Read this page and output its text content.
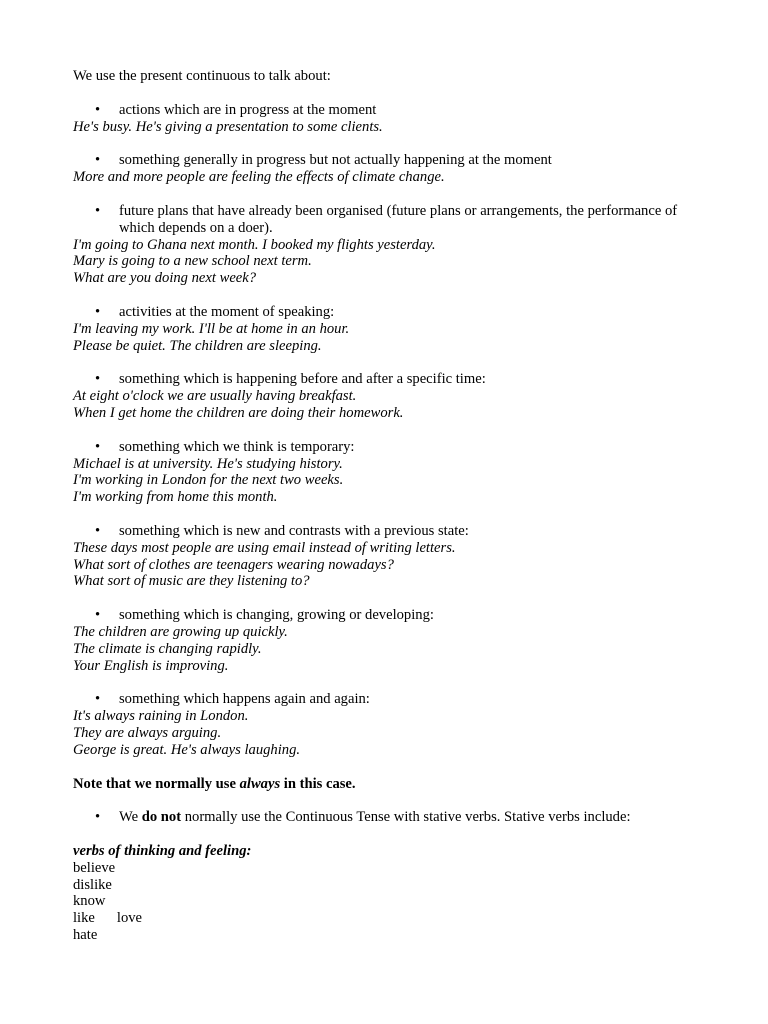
We use the present continuous to talk about:

• actions which are in progress at the moment

He's busy. He's giving a presentation to some clients.

• something generally in progress but not actually happening at the moment

More and more people are feeling the effects of climate change.

• future plans that have already been organised (future plans or arrangements, the performance of which depends on a doer).

I'm going to Ghana next month. I booked my flights yesterday.

Mary is going to a new school next term.

What are you doing next week?

• activities at the moment of speaking:

I'm leaving my work. I'll be at home in an hour.

Please be quiet. The children are sleeping.

• something which is happening before and after a specific time:

At eight o'clock we are usually having breakfast.

When I get home the children are doing their homework.

• something which we think is temporary:

Michael is at university. He's studying history.

I'm working in London for the next two weeks.

I'm working from home this month.

• something which is new and contrasts with a previous state:

These days most people are using email instead of writing letters.

What sort of clothes are teenagers wearing nowadays?

What sort of music are they listening to?

• something which is changing, growing or developing:

The children are growing up quickly.

The climate is changing rapidly.

Your English is improving.

• something which happens again and again:

It's always raining in London.

They are always arguing.

George is great. He's always laughing.

Note that we normally use always in this case.

• We do not normally use the Continuous Tense with stative verbs. Stative verbs include:

verbs of thinking and feeling:

believe
dislike
know
like love
hate
